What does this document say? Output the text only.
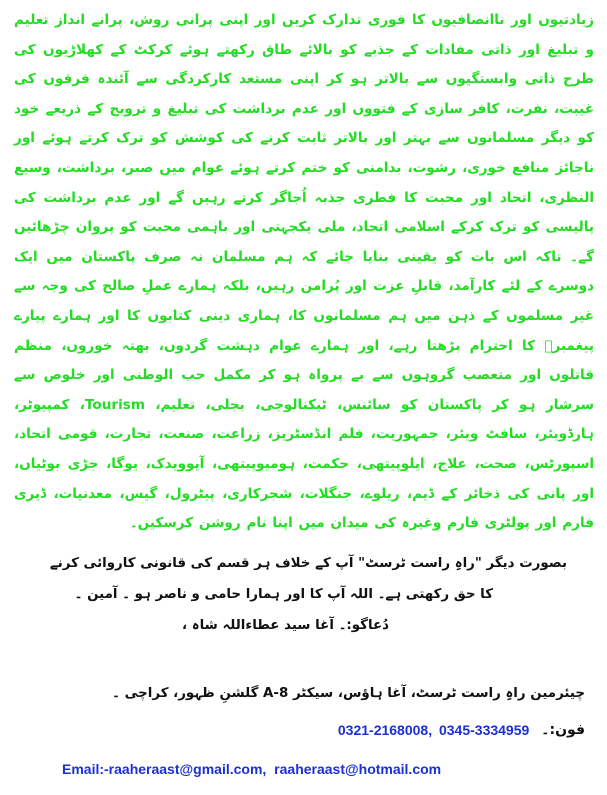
زیادتیوں اور ناانصافیوں کا فوری تدارک کریں اور اپنی پرانی روش، پرانے انداز تعلیم و تبلیغ اور ذاتی مفادات کے جذبے کو بالائے طاق رکھتے ہوئے کرکٹ کے کھلاڑیوں کی طرح ذاتی وابستگیوں سے بالاتر ہو کر اپنی مستعد کارکردگی سے آئندہ فرقوں کی غیبت، نفرت، کافر سازی کے فتووں اور عدم برداشت کی تبلیغ و ترویج کے ذریعے خود کو دیگر مسلمانوں سے بہتر اور بالاتر ثابت کرنے کی کوشش کو ترک کرتے ہوئے اور ناجائز منافع خوری، رشوت، بدامنی کو ختم کرتے ہوئے عوام میں صبر، برداشت، وسیع النظری، اتحاد اور محبت کا فطری جذبہ اُجاگر کرتے رہیں گے اور عدم برداشت کی پالیسی کو ترک کرکے اسلامی اتحاد، ملی یکجہتی اور باہمی محبت کو پروان چڑھائیں گے۔ تاکہ اس بات کو یقینی بنایا جائے کہ ہم مسلمان نہ صرف پاکستان میں ایک دوسرے کے لئے کارآمد، قابلِ عزت اور پُرامن رہیں، بلکہ ہمارے عملِ صالح کی وجہ سے غیر مسلموں کے ذہن میں ہم مسلمانوں کا، ہماری دینی کتابوں کا اور ہمارے پیارے پیغمبرؐ کا احترام بڑھتا رہے، اور ہمارے عوام دہشت گردوں، بھتہ خوروں، منظم قاتلوں اور متعصب گروہوں سے بے پرواہ ہو کر مکمل حب الوطنی اور خلوص سے سرشار ہو کر پاکستان کو سائنس، ٹیکنالوجی، بجلی، تعلیم، Tourism، کمپیوٹر، ہارڈویئر، سافٹ ویئر، جمہوریت، فلم انڈسٹریز، زراعت، صنعت، تجارت، قومی اتحاد، اسپورٹس، صحت، علاج، ایلوپیتھی، حکمت، ہومیوپیتھی، آیوویدک، یوگا، جڑی بوٹیاں، اور پانی کی ذخائر کے ڈیم، ریلوے، جنگلات، شجرکاری، پیٹرول، گیس، معدنیات، ڈیری فارم اور پولٹری فارم وغیرہ کی میدان میں اپنا نام روشن کرسکیں۔

بصورت دیگر "راہِ راست ٹرسٹ" آپ کے خلاف ہر قسم کی قانونی کاروائی کرنے

کا حق رکھتی ہے۔ اللہ آپ کا اور ہمارا حامی و ناصر ہو ۔ آمین ۔

دُعاگو:۔ آغا سید عطاءاللہ شاہ ،

چیئرمین راہِ راست ٹرسٹ، آغا ہاؤس، سیکٹر 8-A گلشنِ ظہور، کراچی ۔
فون:۔
0321-2168008, 0345-3334959
Email:-raaheraast@gmail.com, raaheraast@hotmail.com
